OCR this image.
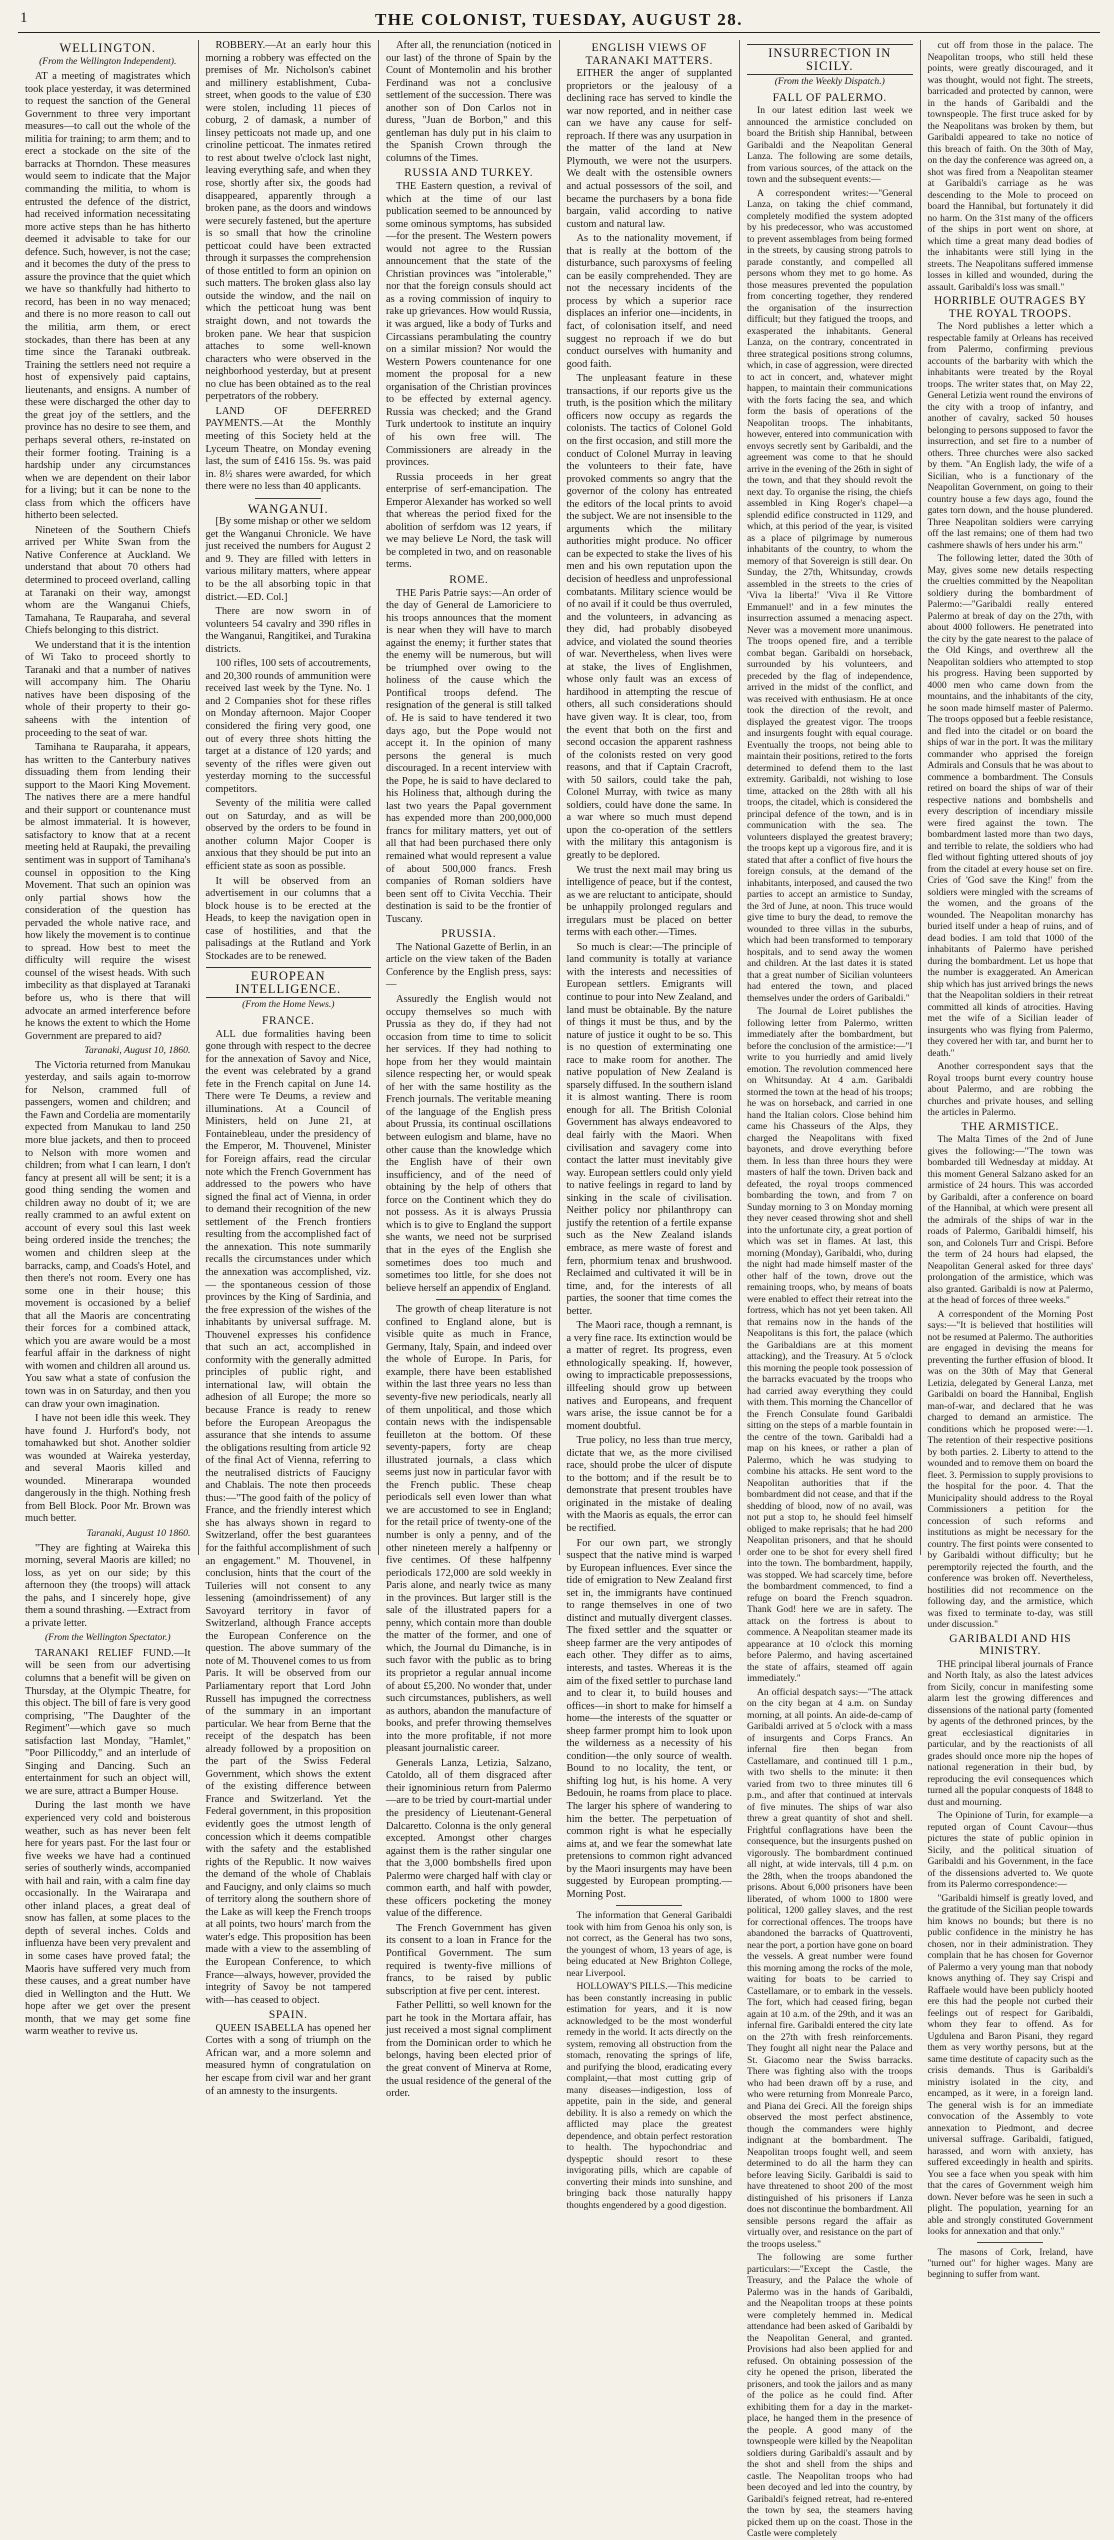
1	THE COLONIST, TUESDAY, AUGUST 28.
WELLINGTON.
(From the Wellington Independent).

AT a meeting of magistrates which took place yesterday, it was determined to request the sanction of the General Government to three very important measures—to call out the whole of the militia for training; to arm them; and to erect a stockade on the site of the barracks at Thorndon. These measures would seem to indicate that the Major commanding the militia, to whom is entrusted the defence of the district, had received information necessitating more active steps than he has hitherto deemed it advisable to take for our defence. Such, however, is not the case; and it becomes the duty of the press to assure the province that the quiet which we have so thankfully had hitherto to record, has been in no way menaced; and there is no more reason to call out the militia, arm them, or erect stockades, than there has been at any time since the Taranaki outbreak. Training the settlers need not require a host of expensively paid captains, lieutenants, and ensigns. A number of these were discharged the other day to the great joy of the settlers, and the province has no desire to see them, and perhaps several others, re-instated on their former footing. Training is a hardship under any circumstances when we are dependent on their labor for a living; but it can be none to the class from which the officers have hitherto been selected.

Nineteen of the Southern Chiefs arrived per White Swan from the Native Conference at Auckland. We understand that about 70 others had determined to proceed overland, calling at Taranaki on their way, amongst whom are the Wanganui Chiefs, Tamahana, Te Rauparaha, and several Chiefs belonging to this district.

We understand that it is the intention of Wi Tako to proceed shortly to Taranaki and that a number of natives will accompany him. The Ohariu natives have been disposing of the whole of their property to their go-saheens with the intention of proceeding to the seat of war.

Tamihana te Rauparaha, it appears, has written to the Canterbury natives dissuading them from lending their support to the Maori King Movement. The natives there are a mere handful and their support or countenance must be almost immaterial. It is however, satisfactory to know that at a recent meeting held at Raupaki, the prevailing sentiment was in support of Tamihana's counsel in opposition to the King Movement. That such an opinion was only partial shows how the consideration of the question has pervaded the whole native race, and how likely the movement is to continue to spread. How best to meet the difficulty will require the wisest counsel of the wisest heads. With such imbecility as that displayed at Taranaki before us, who is there that will advocate an armed interference before he knows the extent to which the Home Government are prepared to aid?

Taranaki, August 10, 1860.

The Victoria returned from Manukau yesterday, and sails again to-morrow for Nelson, crammed full of passengers, women and children; and the Fawn and Cordelia are momentarily expected from Manukau to land 250 more blue jackets, and then to proceed to Nelson with more women and children; from what I can learn, I don't fancy at present all will be sent; it is a good thing sending the women and children away no doubt of it; we are really crammed to an awful extent on account of every soul this last week being ordered inside the trenches; the women and children sleep at the barracks, camp, and Coads's Hotel, and then there's not room. Every one has some one in their house; this movement is occasioned by a belief that all the Maoris are concentrating their forces for a combined attack, which you are aware would be a most fearful affair in the darkness of night with women and children all around us. You saw what a state of confusion the town was in on Saturday, and then you can draw your own imagination.

I have not been idle this week. They have found J. Hurford's body, not tomahawked but shot. Another soldier was wounded at Waireka yesterday, and several Maoris killed and wounded. Minerarapa wounded dangerously in the thigh. Nothing fresh from Bell Block. Poor Mr. Brown was much better.

Taranaki, August 10 1860.

"They are fighting at Waireka this morning, several Maoris are killed; no loss, as yet on our side; by this afternoon they (the troops) will attack the pahs, and I sincerely hope, give them a sound thrashing. —Extract from a private letter.

(From the Wellington Spectator.)

TARANAKI RELIEF FUND.—It will be seen from our advertising columns that a benefit will be given on Thursday, at the Olympic Theatre, for this object. The bill of fare is very good comprising, "The Daughter of the Regiment"—which gave so much satisfaction last Monday, "Hamlet," "Poor Pillicoddy," and an interlude of Singing and Dancing. Such an entertainment for such an object will, we are sure, attract a Bumper House.

During the last month we have experienced very cold and boisterous weather, such as has never been felt here for years past. For the last four or five weeks we have had a continued series of southerly winds, accompanied with hail and rain, with a calm fine day occasionally. In the Wairarapa and other inland places, a great deal of snow has fallen, at some places to the depth of several inches. Colds and influenza have been very prevalent and in some cases have proved fatal; the Maoris have suffered very much from these causes, and a great number have died in Wellington and the Hutt. We hope after we get over the present month, that we may get some fine warm weather to revive us.

ROBBERY.—At an early hour this morning a robbery was effected on the premises of Mr. Nicholson's cabinet and millinery establishment, Cuba-street, when goods to the value of £30 were stolen, including 11 pieces of coburg, 2 of damask, a number of linsey petticoats not made up, and one crinoline petticoat. The inmates retired to rest about twelve o'clock last night, leaving everything safe, and when they rose, shortly after six, the goods had disappeared, apparently through a broken pane, as the doors and windows were securely fastened, but the aperture is so small that how the crinoline petticoat could have been extracted through it surpasses the comprehension of those entitled to form an opinion on such matters. The broken glass also lay outside the window, and the nail on which the petticoat hung was bent straight down, and not towards the broken pane. We hear that suspicion attaches to some well-known characters who were observed in the neighborhood yesterday, but at present no clue has been obtained as to the real perpetrators of the robbery.

LAND OF DEFERRED PAYMENTS.—At the Monthly meeting of this Society held at the Lyceum Theatre, on Monday evening last, the sum of £416 15s. 9s. was paid in. 8½ shares were awarded, for which there were no less than 40 applicants.

WANGANUI.

[By some mishap or other we seldom get the Wanganui Chronicle. We have just received the numbers for August 2 and 9. They are filled with letters in various military matters, where appear to be the all absorbing topic in that district.—ED. Col.]

There are now sworn in of volunteers 54 cavalry and 390 rifles in the Wanganui, Rangitikei, and Turakina districts.

100 rifles, 100 sets of accoutrements, and 20,300 rounds of ammunition were received last week by the Tyne. No. 1 and 2 Companies shot for these rifles on Monday afternoon. Major Cooper considered the firing very good, one out of every three shots hitting the target at a distance of 120 yards; and seventy of the rifles were given out yesterday morning to the successful competitors.

Seventy of the militia were called out on Saturday, and as will be observed by the orders to be found in another column Major Cooper is anxious that they should be put into an efficient state as soon as possible.

It will be observed from an advertisement in our columns that a block house is to be erected at the Heads, to keep the navigation open in case of hostilities, and that the palisadings at the Rutland and York Stockades are to be renewed.

EUROPEAN INTELLIGENCE.
(From the Home News.)
FRANCE.

ALL due formalities having been gone through with respect to the decree for the annexation of Savoy and Nice, the event was celebrated by a grand fete in the French capital on June 14. There were Te Deums, a review and illuminations. At a Council of Ministers, held on June 21, at Fontainebleau, under the presidency of the Emperor, M. Thouvenel, Minister for Foreign affairs, read the circular note which the French Government has addressed to the powers who have signed the final act of Vienna, in order to demand their recognition of the new settlement of the French frontiers resulting from the accomplished fact of the annexation. This note summarily recalls the circumstances under which the annexation was accomplished, viz. — the spontaneous cession of those provinces by the King of Sardinia, and the free expression of the wishes of the inhabitants by universal suffrage. M. Thouvenel expresses his confidence that such an act, accomplished in conformity with the generally admitted principles of public right, and international law, will obtain the adhesion of all Europe; the more so because France is ready to renew before the European Areopagus the assurance that she intends to assume the obligations resulting from article 92 of the final Act of Vienna, referring to the neutralised districts of Faucigny and Chablais. The note then proceeds thus:—"The good faith of the policy of France, and the friendly interest which she has always shown in regard to Switzerland, offer the best guarantees for the faithful accomplishment of such an engagement." M. Thouvenel, in conclusion, hints that the court of the Tuileries will not consent to any lessening (amoindrissement) of any Savoyard territory in favor of Switzerland, although France accepts the European Conference on the question. The above summary of the note of M. Thouvenel comes to us from Paris. It will be observed from our Parliamentary report that Lord John Russell has impugned the correctness of the summary in an important particular. We hear from Berne that the receipt of the despatch has been already followed by a proposition on the part of the Swiss Federal Government, which shows the extent of the existing difference between France and Switzerland. Yet the Federal government, in this proposition evidently goes the utmost length of concession which it deems compatible with the safety and the established rights of the Republic. It now waives the demand of the whole of Chablais and Faucigny, and only claims so much of territory along the southern shore of the Lake as will keep the French troops at all points, two hours' march from the water's edge. This proposition has been made with a view to the assembling of the European Conference, to which France—always, however, provided the integrity of Savoy be not tampered with—has ceased to object.

SPAIN.

QUEEN ISABELLA has opened her Cortes with a song of triumph on the African war, and a more solemn and measured hymn of congratulation on her escape from civil war and her grant of an amnesty to the insurgents.

After all, the renunciation (noticed in our last) of the throne of Spain by the Count of Montemolin and his brother Ferdinand was not a conclusive settlement of the succession. There was another son of Don Carlos not in duress, "Juan de Borbon," and this gentleman has duly put in his claim to the Spanish Crown through the columns of the Times.

RUSSIA AND TURKEY.

THE Eastern question, a revival of which at the time of our last publication seemed to be announced by some ominous symptoms, has subsided—for the present. The Western powers would not agree to the Russian announcement that the state of the Christian provinces was "intolerable," nor that the foreign consuls should act as a roving commission of inquiry to rake up grievances. How would Russia, it was argued, like a body of Turks and Circassians perambulating the country on a similar mission? Nor would the Western Powers countenance for one moment the proposal for a new organisation of the Christian provinces to be effected by external agency. Russia was checked; and the Grand Turk undertook to institute an inquiry of his own free will. The Commissioners are already in the provinces.

Russia proceeds in her great enterprise of serf-emancipation. The Emperor Alexander has worked so well that whereas the period fixed for the abolition of serfdom was 12 years, if we may believe Le Nord, the task will be completed in two, and on reasonable terms.

ROME.

THE Paris Patrie says:—An order of the day of General de Lamoriciere to his troops announces that the moment is near when they will have to march against the enemy; it further states that the enemy will be numerous, but will be triumphed over owing to the holiness of the cause which the Pontifical troops defend. The resignation of the general is still talked of. He is said to have tendered it two days ago, but the Pope would not accept it. In the opinion of many persons the general is much discouraged. In a recent interview with the Pope, he is said to have declared to his Holiness that, although during the last two years the Papal government has expended more than 200,000,000 francs for military matters, yet out of all that had been purchased there only remained what would represent a value of about 500,000 francs. Fresh companies of Roman soldiers have been sent off to Civita Vecchia. Their destination is said to be the frontier of Tuscany.

PRUSSIA.

The National Gazette of Berlin, in an article on the view taken of the Baden Conference by the English press, says:—

Assuredly the English would not occupy themselves so much with Prussia as they do, if they had not occasion from time to time to solicit her services. If they had nothing to hope from her they would maintain silence respecting her, or would speak of her with the same hostility as the French journals. The veritable meaning of the language of the English press about Prussia, its continual oscillations between eulogism and blame, have no other cause than the knowledge which the English have of their own insufficiency, and of the need of obtaining by the help of others that force on the Continent which they do not possess. As it is always Prussia which is to give to England the support she wants, we need not be surprised that in the eyes of the English she sometimes does too much and sometimes too little, for she does not believe herself an appendix of England.

The growth of cheap literature is not confined to England alone, but is visible quite as much in France, Germany, Italy, Spain, and indeed over the whole of Europe. In Paris, for example, there have been established within the last three years no less than seventy-five new periodicals, nearly all of them unpolitical, and those which contain news with the indispensable feuilleton at the bottom. Of these seventy-papers, forty are cheap illustrated journals, a class which seems just now in particular favor with the French public. These cheap periodicals sell even lower than what we are accustomed to see in England; for the retail price of twenty-one of the number is only a penny, and of the other nineteen merely a halfpenny or five centimes. Of these halfpenny periodicals 172,000 are sold weekly in Paris alone, and nearly twice as many in the provinces. But larger still is the sale of the illustrated papers for a penny, which contain more than double the matter of the former, and one of which, the Journal du Dimanche, is in such favor with the public as to bring its proprietor a regular annual income of about £5,200. No wonder that, under such circumstances, publishers, as well as authors, abandon the manufacture of books, and prefer throwing themselves into the more profitable, if not more pleasant journalistic career.

Generals Lanza, Letizia, Salzano, Catoldo, all of them disgraced after their ignominious return from Palermo—are to be tried by court-martial under the presidency of Lieutenant-General Dalcaretto. Colonna is the only general excepted. Amongst other charges against them is the rather singular one that the 3,000 bombshells fired upon Palermo were charged half with clay or common earth, and half with powder, these officers pocketing the money value of the difference.

The French Government has given its consent to a loan in France for the Pontifical Government. The sum required is twenty-five millions of francs, to be raised by public subscription at five per cent. interest.

Father Pellitti, so well known for the part he took in the Mortara affair, has just received a most signal compliment from the Dominican order to which he belongs, having been elected prior of the great convent of Minerva at Rome, the usual residence of the general of the order.

ENGLISH VIEWS OF TARANAKI MATTERS.

EITHER the anger of supplanted proprietors or the jealousy of a declining race has served to kindle the war now reported, and in neither case can we have any cause for self-reproach. If there was any usurpation in the matter of the land at New Plymouth, we were not the usurpers. We dealt with the ostensible owners and actual possessors of the soil, and became the purchasers by a bona fide bargain, valid according to native custom and natural law.

As to the nationality movement, if that is really at the bottom of the disturbance, such paroxysms of feeling can be easily comprehended. They are not the necessary incidents of the process by which a superior race displaces an inferior one—incidents, in fact, of colonisation itself, and need suggest no reproach if we do but conduct ourselves with humanity and good faith.

The unpleasant feature in these transactions, if our reports give us the truth, is the position which the military officers now occupy as regards the colonists. The tactics of Colonel Gold on the first occasion, and still more the conduct of Colonel Murray in leaving the volunteers to their fate, have provoked comments so angry that the governor of the colony has entreated the editors of the local prints to avoid the subject. We are not insensible to the arguments which the military authorities might produce. No officer can be expected to stake the lives of his men and his own reputation upon the decision of heedless and unprofessional combatants. Military science would be of no avail if it could be thus overruled, and the volunteers, in advancing as they did, had probably disobeyed advice, and violated the sound theories of war. Nevertheless, when lives were at stake, the lives of Englishmen, whose only fault was an excess of hardihood in attempting the rescue of others, all such considerations should have given way. It is clear, too, from the event that both on the first and second occasion the apparent rashness of the colonists rested on very good reasons, and that if Captain Cracroft, with 50 sailors, could take the pah, Colonel Murray, with twice as many soldiers, could have done the same. In a war where so much must depend upon the co-operation of the settlers with the military this antagonism is greatly to be deplored.

We trust the next mail may bring us intelligence of peace, but if the contest, as we are reluctant to anticipate, should be unhappily prolonged regulars and irregulars must be placed on better terms with each other.—Times.

So much is clear:—The principle of land community is totally at variance with the interests and necessities of European settlers. Emigrants will continue to pour into New Zealand, and land must be obtainable. By the nature of things it must be thus, and by the nature of justice it ought to be so. This is no question of exterminating one race to make room for another. The native population of New Zealand is sparsely diffused. In the southern island it is almost wanting. There is room enough for all. The British Colonial Government has always endeavored to deal fairly with the Maori. When civilisation and savagery come into contact the latter must inevitably give way. European settlers could only yield to native feelings in regard to land by sinking in the scale of civilisation. Neither policy nor philanthropy can justify the retention of a fertile expanse such as the New Zealand islands embrace, as mere waste of forest and fern, phormium tenax and brushwood. Reclaimed and cultivated it will be in time, and, for the interests of all parties, the sooner that time comes the better.

The Maori race, though a remnant, is a very fine race. Its extinction would be a matter of regret. Its progress, even ethnologically speaking. If, however, owing to impracticable prepossessions, illfeeling should grow up between natives and Europeans, and frequent wars arise, the issue cannot be for a moment doubtful.

True policy, no less than true mercy, dictate that we, as the more civilised race, should probe the ulcer of dispute to the bottom; and if the result be to demonstrate that present troubles have originated in the mistake of dealing with the Maoris as equals, the error can be rectified.

For our own part, we strongly suspect that the native mind is warped by European influences. Ever since the tide of emigration to New Zealand first set in, the immigrants have continued to range themselves in one of two distinct and mutually divergent classes. The fixed settler and the squatter or sheep farmer are the very antipodes of each other. They differ as to aims, interests, and tastes. Whereas it is the aim of the fixed settler to purchase land and to clear it, to build houses and offices—in short to make for himself a home—the interests of the squatter or sheep farmer prompt him to look upon the wilderness as a necessity of his condition—the only source of wealth. Bound to no locality, the tent, or shifting log hut, is his home. A very Bedouin, he roams from place to place. The larger his sphere of wandering to him the better. The perpetuation of common right is what he especially aims at, and we fear the somewhat late pretensions to common right advanced by the Maori insurgents may have been suggested by European prompting.—Morning Post.

The information that General Garibaldi took with him from Genoa his only son, is not correct, as the General has two sons, the youngest of whom, 13 years of age, is being educated at New Brighton College, near Liverpool.

HOLLOWAY'S PILLS.—This medicine has been constantly increasing in public estimation for years, and it is now acknowledged to be the most wonderful remedy in the world. It acts directly on the system, removing all obstruction from the stomach, renovating the springs of life, and purifying the blood, eradicating every complaint,—that most cutting grip of many diseases—indigestion, loss of appetite, pain in the side, and general debility. It is also a remedy on which the afflicted may place the greatest dependence, and obtain perfect restoration to health. The hypochondriac and dyspeptic should resort to these invigorating pills, which are capable of converting their minds into sunshine, and bringing back those naturally happy thoughts engendered by a good digestion.

INSURRECTION IN SICILY.
(From the Weekly Dispatch.)
FALL OF PALERMO.

In our latest edition last week we announced the armistice concluded on board the British ship Hannibal, between Garibaldi and the Neapolitan General Lanza. The following are some details, from various sources, of the attack on the town and the subsequent events:—

A correspondent writes:—"General Lanza, on taking the chief command, completely modified the system adopted by his predecessor, who was accustomed to prevent assemblages from being formed in the streets, by causing strong patrols to parade constantly, and compelled all persons whom they met to go home. As those measures prevented the population from concerting together, they rendered the organisation of the insurrection difficult; but they fatigued the troops, and exasperated the inhabitants. General Lanza, on the contrary, concentrated in three strategical positions strong columns, which, in case of aggression, were directed to act in concert, and, whatever might happen, to maintain their communications with the forts facing the sea, and which form the basis of operations of the Neapolitan troops. The inhabitants, however, entered into communication with envoys secretly sent by Garibaldi, and the agreement was come to that he should arrive in the evening of the 26th in sight of the town, and that they should revolt the next day. To organise the rising, the chiefs assembled in King Roger's chapel—a splendid edifice constructed in 1129, and which, at this period of the year, is visited as a place of pilgrimage by numerous inhabitants of the country, to whom the memory of that Sovereign is still dear. On Sunday, the 27th, Whitsunday, crowds assembled in the streets to the cries of 'Viva la liberta!' 'Viva il Re Vittore Emmanuel!' and in a few minutes the insurrection assumed a menacing aspect. Never was a movement more unanimous. The troops opened fire, and a terrible combat began. Garibaldi on horseback, surrounded by his volunteers, and preceded by the flag of independence, arrived in the midst of the conflict, and was received with enthusiasm. He at once took the direction of the revolt, and displayed the greatest vigor. The troops and insurgents fought with equal courage. Eventually the troops, not being able to maintain their positions, retired to the forts determined to defend them to the last extremity. Garibaldi, not wishing to lose time, attacked on the 28th with all his troops, the citadel, which is considered the principal defence of the town, and is in communication with the sea. The volunteers displayed the greatest bravery; the troops kept up a vigorous fire, and it is stated that after a conflict of five hours the foreign consuls, at the demand of the inhabitants, interposed, and caused the two parties to accept an armistice to Sunday, the 3rd of June, at noon. This truce would give time to bury the dead, to remove the wounded to three villas in the suburbs, which had been transformed to temporary hospitals, and to send away the women and children. At the last dates it is stated that a great number of Sicilian volunteers had entered the town, and placed themselves under the orders of Garibaldi."

The Journal de Loiret publishes the following letter from Palermo, written immediately after the bombardment, but before the conclusion of the armistice:—"I write to you hurriedly and amid lively emotion. The revolution commenced here on Whitsunday. At 4 a.m. Garibaldi stormed the town at the head of his troops; he was on horseback, and carried in one hand the Italian colors. Close behind him came his Chasseurs of the Alps, they charged the Neapolitans with fixed bayonets, and drove everything before them. In less than three hours they were masters of half the town. Driven back and defeated, the royal troops commenced bombarding the town, and from 7 on Sunday morning to 3 on Monday morning they never ceased throwing shot and shell into the unfortunate city, a great portion of which was set in flames. At last, this morning (Monday), Garibaldi, who, during the night had made himself master of the other half of the town, drove out the remaining troops, who, by means of boats were enabled to effect their retreat into the fortress, which has not yet been taken. All that remains now in the hands of the Neapolitans is this fort, the palace (which the Garibaldians are at this moment attacking), and the Treasury. At 5 o'clock this morning the people took possession of the barracks evacuated by the troops who had carried away everything they could with them. This morning the Chancellor of the French Consulate found Garibaldi sitting on the steps of a marble fountain in the centre of the town. Garibaldi had a map on his knees, or rather a plan of Palermo, which he was studying to combine his attacks. He sent word to the Neapolitan authorities that if the bombardment did not cease, and that if the shedding of blood, now of no avail, was not put a stop to, he should feel himself obliged to make reprisals; that he had 200 Neapolitan prisoners, and that he should order one to be shot for every shell fired into the town. The bombardment, happily, was stopped. We had scarcely time, before the bombardment commenced, to find a refuge on board the French squadron. Thank God! here we are in safety. The attack on the fortress is about to commence. A Neapolitan steamer made its appearance at 10 o'clock this morning before Palermo, and having ascertained the state of affairs, steamed off again immediately."

An official despatch says:—"The attack on the city began at 4 a.m. on Sunday morning, at all points. An aide-de-camp of Garibaldi arrived at 5 o'clock with a mass of insurgents and Corps Francs. An infernal fire then began from Castellamare, and continued till 1 p.m., with two shells to the minute: it then varied from two to three minutes till 6 p.m., and after that continued at intervals of five minutes. The ships of war also threw a great quantity of shot and shell. Frightful conflagrations have been the consequence, but the insurgents pushed on vigorously. The bombardment continued all night, at wide intervals, till 4 p.m. on the 28th, when the troops abandoned the prisons. About 6,000 prisoners have been liberated, of whom 1000 to 1800 were political, 1200 galley slaves, and the rest for correctional offences. The troops have abandoned the barracks of Quattroventi, near the port, a portion have gone on board the vessels. A great number were found this morning among the rocks of the mole, waiting for boats to be carried to Castellamare, or to embark in the vessels. The fort, which had ceased firing, began again at 10 a.m. of the 29th, and it was an infernal fire. Garibaldi entered the city late on the 27th with fresh reinforcements. They fought all night near the Palace and St. Giacomo near the Swiss barracks. There was fighting also with the troops who had been drawn off by a ruse, and who were returning from Monreale Parco, and Piana dei Greci. All the foreign ships observed the most perfect abstinence, though the commanders were highly indignant at the bombardment. The Neapolitan troops fought well, and seem determined to do all the harm they can before leaving Sicily. Garibaldi is said to have threatened to shoot 200 of the most distinguished of his prisoners if Lanza does not discontinue the bombardment. All sensible persons regard the affair as virtually over, and resistance on the part of the troops useless."

The following are some further particulars:—"Except the Castle, the Treasury, and the Palace the whole of Palermo was in the hands of Garibaldi, and the Neapolitan troops at these points were completely hemmed in. Medical attendance had been asked of Garibaldi by the Neapolitan General, and granted. Provisions had also been applied for and refused. On obtaining possession of the city he opened the prison, liberated the prisoners, and took the jailors and as many of the police as he could find. After exhibiting them for a day in the market-place, he hanged them in the presence of the people. A good many of the townspeople were killed by the Neapolitan soldiers during Garibaldi's assault and by the shot and shell from the ships and castle. The Neapolitan troops who had been decoyed and led into the country, by Garibaldi's feigned retreat, had re-entered the town by sea, the steamers having picked them up on the coast. Those in the Castle were completely

cut off from those in the palace. The Neapolitan troops, who still held these points, were greatly discouraged, and it was thought, would not fight. The streets, barricaded and protected by cannon, were in the hands of Garibaldi and the townspeople. The first truce asked for by the Neapolitans was broken by them, but Garibaldi appeared to take no notice of this breach of faith. On the 30th of May, on the day the conference was agreed on, a shot was fired from a Neapolitan steamer at Garibaldi's carriage as he was descending to the Mole to proceed on board the Hannibal, but fortunately it did no harm. On the 31st many of the officers of the ships in port went on shore, at which time a great many dead bodies of the inhabitants were still lying in the streets. The Neapolitans suffered immense losses in killed and wounded, during the assault. Garibaldi's loss was small."

HORRIBLE OUTRAGES BY THE ROYAL TROOPS.

The Nord publishes a letter which a respectable family at Orleans has received from Palermo, confirming previous accounts of the barbarity with which the inhabitants were treated by the Royal troops. The writer states that, on May 22, General Letizia went round the environs of the city with a troop of infantry, and another of cavalry, sacked 50 houses belonging to persons supposed to favor the insurrection, and set fire to a number of others. Three churches were also sacked by them. "An English lady, the wife of a Sicilian, who is a functionary of the Neapolitan Government, on going to their country house a few days ago, found the gates torn down, and the house plundered. Three Neapolitan soldiers were carrying off the last remains; one of them had two cashmere shawls of hers under his arm."

The following letter, dated the 30th of May, gives some new details respecting the cruelties committed by the Neapolitan soldiery during the bombardment of Palermo:—"Garibaldi really entered Palermo at break of day on the 27th, with about 4000 followers. He penetrated into the city by the gate nearest to the palace of the Old Kings, and overthrew all the Neapolitan soldiers who attempted to stop his progress. Having been supported by 4000 men who came down from the mountains, and the inhabitants of the city, he soon made himself master of Palermo. The troops opposed but a feeble resistance, and fled into the citadel or on board the ships of war in the port. It was the military commander who apprised the foreign Admirals and Consuls that he was about to commence a bombardment. The Consuls retired on board the ships of war of their respective nations and bombshells and every description of incendiary missile were fired against the town. The bombardment lasted more than two days, and terrible to relate, the soldiers who had fled without fighting uttered shouts of joy from the citadel at every house set on fire. Cries of 'God save the King!' from the soldiers were mingled with the screams of the women, and the groans of the wounded. The Neapolitan monarchy has buried itself under a heap of ruins, and of dead bodies. I am told that 1000 of the inhabitants of Palermo have perished during the bombardment. Let us hope that the number is exaggerated. An American ship which has just arrived brings the news that the Neapolitan soldiers in their retreat committed all kinds of atrocities. Having met the wife of a Sicilian leader of insurgents who was flying from Palermo, they covered her with tar, and burnt her to death."

Another correspondent says that the Royal troops burnt every country house about Palermo, and are robbing the churches and private houses, and selling the articles in Palermo.

THE ARMISTICE.

The Malta Times of the 2nd of June gives the following:—"The town was bombarded till Wednesday at midday. At this moment General Salzano asked for an armistice of 24 hours. This was accorded by Garibaldi, after a conference on board of the Hannibal, at which were present all the admirals of the ships of war in the roads of Palermo, Garibaldi himself, his son, and Colonels Turr and Crispi. Before the term of 24 hours had elapsed, the Neapolitan General asked for three days' prolongation of the armistice, which was also granted. Garibaldi is now at Palermo, at the head of forces of three weeks."

A correspondent of the Morning Post says:—"It is believed that hostilities will not be resumed at Palermo. The authorities are engaged in devising the means for preventing the further effusion of blood. It was on the 30th of May that General Letizia, delegated by General Lanza, met Garibaldi on board the Hannibal, English man-of-war, and declared that he was charged to demand an armistice. The conditions which he proposed were:—1. The retention of their respective positions by both parties. 2. Liberty to attend to the wounded and to remove them on board the fleet. 3. Permission to supply provisions to the hospital for the poor. 4. That the Municipality should address to the Royal Commissioners a petition for the concession of such reforms and institutions as might be necessary for the country. The first points were consented to by Garibaldi without difficulty; but he peremptorily rejected the fourth, and the conference was broken off. Nevertheless, hostilities did not recommence on the following day, and the armistice, which was fixed to terminate to-day, was still under discussion."

GARIBALDI AND HIS MINISTRY.

THE principal liberal journals of France and North Italy, as also the latest advices from Sicily, concur in manifesting some alarm lest the growing differences and dissensions of the national party (fomented by agents of the dethroned princes, by the great ecclesiastical dignitaries in particular, and by the reactionists of all grades should once more nip the hopes of national regeneration in their bud, by reproducing the evil consequences which turned all the popular conquests of 1848 to dust and mourning.

The Opinione of Turin, for example—a reputed organ of Count Cavour—thus pictures the state of public opinion in Sicily, and the political situation of Garibaldi and his Government, in the face of the dissensions adverted to. We quote from its Palermo correspondence:—

"Garibaldi himself is greatly loved, and the gratitude of the Sicilian people towards him knows no bounds; but there is no public confidence in the ministry he has chosen, nor in their administration. They complain that he has chosen for Governor of Palermo a very young man that nobody knows anything of. They say Crispi and Raffaele would have been publicly hooted ere this had the people not curbed their feelings out of respect for Garibaldi, whom they fear to offend. As for Ugdulena and Baron Pisani, they regard them as very worthy persons, but at the same time destitute of capacity such as the crisis demands. Thus is Garibaldi's ministry isolated in the city, and encamped, as it were, in a foreign land. The general wish is for an immediate convocation of the Assembly to vote annexation to Piedmont, and decree universal suffrage. Garibaldi, fatigued, harassed, and worn with anxiety, has suffered exceedingly in health and spirits. You see a face when you speak with him that the cares of Government weigh him down. Never before was he seen in such a plight. The population, yearning for an able and strongly constituted Government looks for annexation and that only."

The masons of Cork, Ireland, have "turned out" for higher wages. Many are beginning to suffer from want.
